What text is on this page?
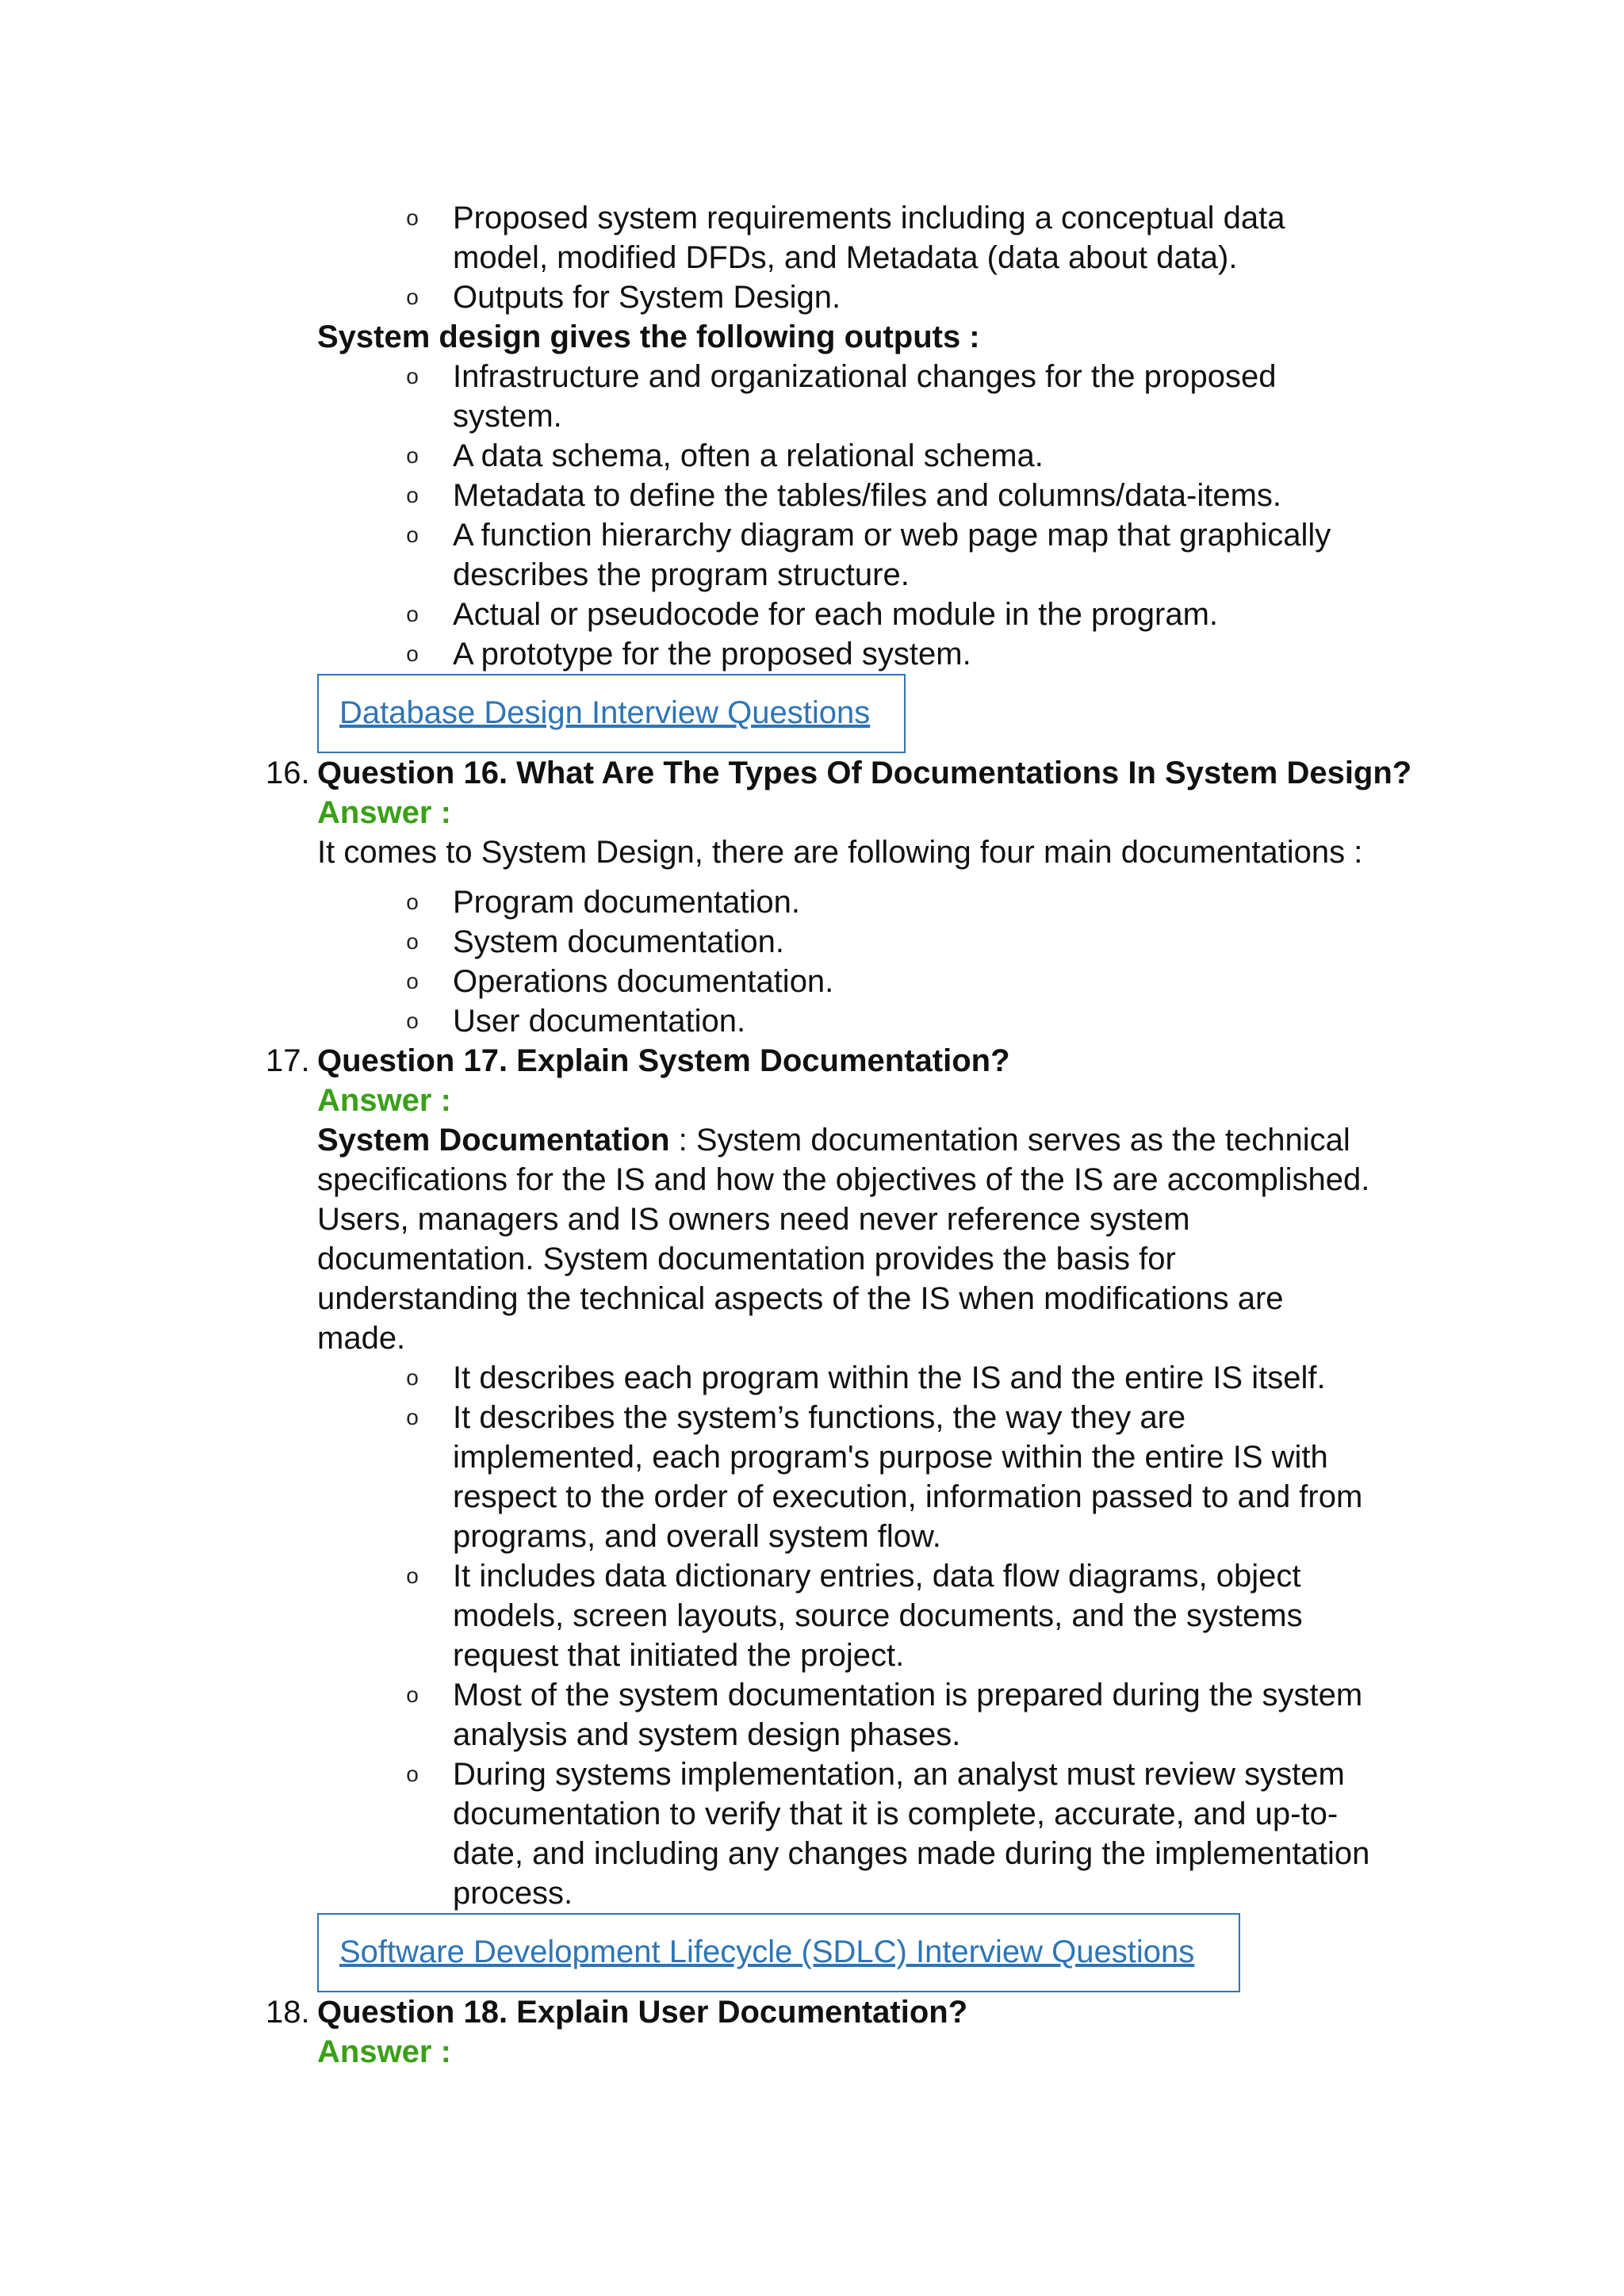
o	Proposed system requirements including a conceptual data
model, modified DFDs, and Metadata (data about data).
o	Outputs for System Design.
System design gives the following outputs :
o	Infrastructure and organizational changes for the proposed
system.
o	A data schema, often a relational schema.
o	Metadata to define the tables/files and columns/data-items.
o	A function hierarchy diagram or web page map that graphically
describes the program structure.
o	Actual or pseudocode for each module in the program.
o	A prototype for the proposed system.
Database Design Interview Questions
16. Question 16. What Are The Types Of Documentations In System Design?
Answer :
It comes to System Design, there are following four main documentations :
o	Program documentation.
o	System documentation.
o	Operations documentation.
o	User documentation.
17. Question 17. Explain System Documentation?
Answer :
System Documentation : System documentation serves as the technical
specifications for the IS and how the objectives of the IS are accomplished.
Users, managers and IS owners need never reference system
documentation. System documentation provides the basis for
understanding the technical aspects of the IS when modifications are
made.
o	It describes each program within the IS and the entire IS itself.
o	It describes the system’s functions, the way they are
implemented, each program's purpose within the entire IS with
respect to the order of execution, information passed to and from
programs, and overall system flow.
o	It includes data dictionary entries, data flow diagrams, object
models, screen layouts, source documents, and the systems
request that initiated the project.
o	Most of the system documentation is prepared during the system
analysis and system design phases.
o	During systems implementation, an analyst must review system
documentation to verify that it is complete, accurate, and up-to-
date, and including any changes made during the implementation
process.
Software Development Lifecycle (SDLC) Interview Questions
18. Question 18. Explain User Documentation?
Answer :
